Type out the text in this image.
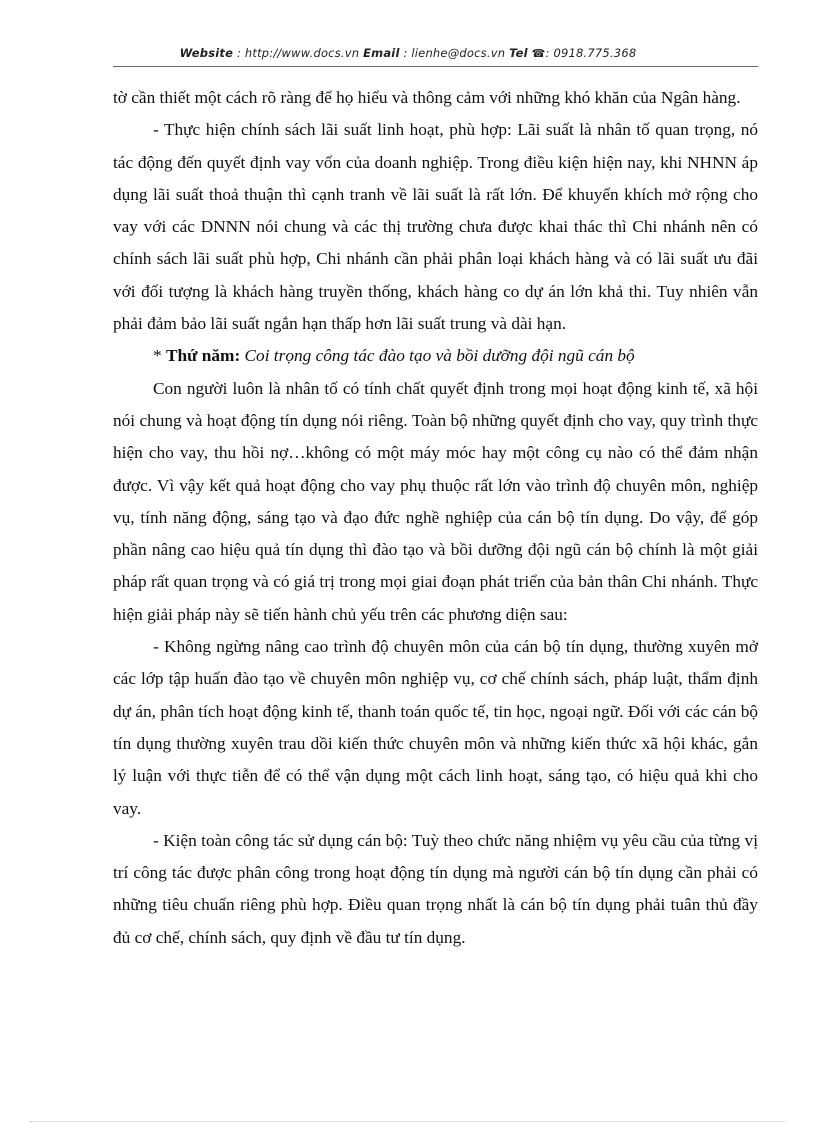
Website : http://www.docs.vn Email : lienhe@docs.vn Tel ☎: 0918.775.368

tờ cần thiết một cách rõ ràng để họ hiểu và thông cảm với những khó khăn của Ngân hàng.

- Thực hiện chính sách lãi suất linh hoạt, phù hợp: Lãi suất là nhân tố quan trọng, nó tác động đến quyết định vay vốn của doanh nghiệp. Trong điều kiện hiện nay, khi NHNN áp dụng lãi suất thoả thuận thì cạnh tranh về lãi suất là rất lớn. Để khuyến khích mở rộng cho vay với các DNNN nói chung và các thị trường chưa được khai thác thì Chi nhánh nên có chính sách lãi suất phù hợp, Chi nhánh cần phải phân loại khách hàng và có lãi suất ưu đãi với đối tượng là khách hàng truyền thống, khách hàng co dự án lớn khả thi. Tuy nhiên vẫn phải đảm bảo lãi suất ngắn hạn thấp hơn lãi suất trung và dài hạn.

* Thứ năm: Coi trọng công tác đào tạo và bồi dưỡng đội ngũ cán bộ

Con người luôn là nhân tố có tính chất quyết định trong mọi hoạt động kinh tế, xã hội nói chung và hoạt động tín dụng nói riêng. Toàn bộ những quyết định cho vay, quy trình thực hiện cho vay, thu hồi nợ…không có một máy móc hay một công cụ nào có thể đảm nhận được. Vì vậy kết quả hoạt động cho vay phụ thuộc rất lớn vào trình độ chuyên môn, nghiệp vụ, tính năng động, sáng tạo và đạo đức nghề nghiệp của cán bộ tín dụng. Do vậy, để góp phần nâng cao hiệu quả tín dụng thì đào tạo và bồi dưỡng đội ngũ cán bộ chính là một giải pháp rất quan trọng và có giá trị trong mọi giai đoạn phát triển của bản thân Chi nhánh. Thực hiện giải pháp này sẽ tiến hành chủ yếu trên các phương diện sau:

- Không ngừng nâng cao trình độ chuyên môn của cán bộ tín dụng, thường xuyên mở các lớp tập huấn đào tạo về chuyên môn nghiệp vụ, cơ chế chính sách, pháp luật, thẩm định dự án, phân tích hoạt động kinh tế, thanh toán quốc tế, tin học, ngoại ngữ. Đối với các cán bộ tín dụng thường xuyên trau dồi kiến thức chuyên môn và những kiến thức xã hội khác, gắn lý luận với thực tiễn để có thể vận dụng một cách linh hoạt, sáng tạo, có hiệu quả khi cho vay.

- Kiện toàn công tác sử dụng cán bộ: Tuỳ theo chức năng nhiệm vụ yêu cầu của từng vị trí công tác được phân công trong hoạt động tín dụng mà người cán bộ tín dụng cần phải có những tiêu chuẩn riêng phù hợp. Điều quan trọng nhất là cán bộ tín dụng phải tuân thủ đầy đủ cơ chế, chính sách, quy định về đầu tư tín dụng.
